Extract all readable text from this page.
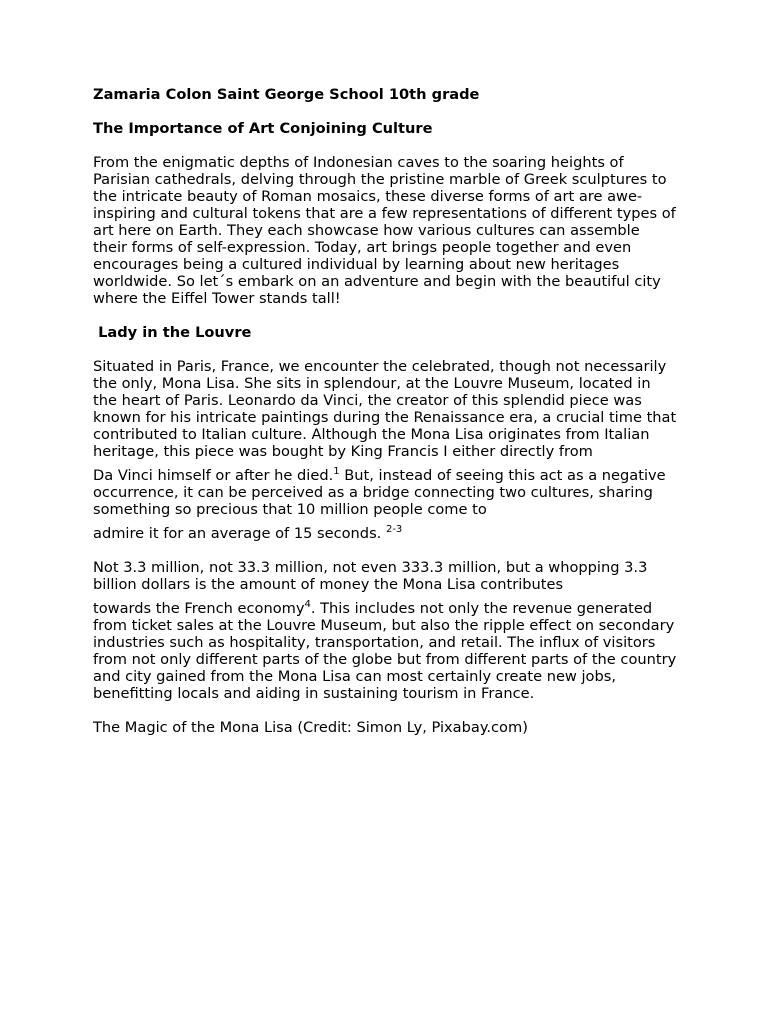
Zamaria Colon Saint George School 10th grade

The Importance of Art Conjoining Culture

From the enigmatic depths of Indonesian caves to the soaring heights of Parisian cathedrals, delving through the pristine marble of Greek sculptures to the intricate beauty of Roman mosaics, these diverse forms of art are awe-inspiring and cultural tokens that are a few representations of different types of art here on Earth. They each showcase how various cultures can assemble their forms of self-expression. Today, art brings people together and even encourages being a cultured individual by learning about new heritages worldwide. So let´s embark on an adventure and begin with the beautiful city where the Eiffel Tower stands tall!

Lady in the Louvre

Situated in Paris, France, we encounter the celebrated, though not necessarily the only, Mona Lisa. She sits in splendour, at the Louvre Museum, located in the heart of Paris. Leonardo da Vinci, the creator of this splendid piece was known for his intricate paintings during the Renaissance era, a crucial time that contributed to Italian culture. Although the Mona Lisa originates from Italian heritage, this piece was bought by King Francis I either directly from
Da Vinci himself or after he died.$^1$ But, instead of seeing this act as a negative occurrence, it can be perceived as a bridge connecting two cultures, sharing something so precious that 10 million people come to
admire it for an average of 15 seconds. $^{2-3}$

Not 3.3 million, not 33.3 million, not even 333.3 million, but a whopping 3.3 billion dollars is the amount of money the Mona Lisa contributes
towards the French economy$^4$. This includes not only the revenue generated from ticket sales at the Louvre Museum, but also the ripple effect on secondary industries such as hospitality, transportation, and retail. The influx of visitors from not only different parts of the globe but from different parts of the country and city gained from the Mona Lisa can most certainly create new jobs, benefitting locals and aiding in sustaining tourism in France.

The Magic of the Mona Lisa (Credit: Simon Ly, Pixabay.com)
